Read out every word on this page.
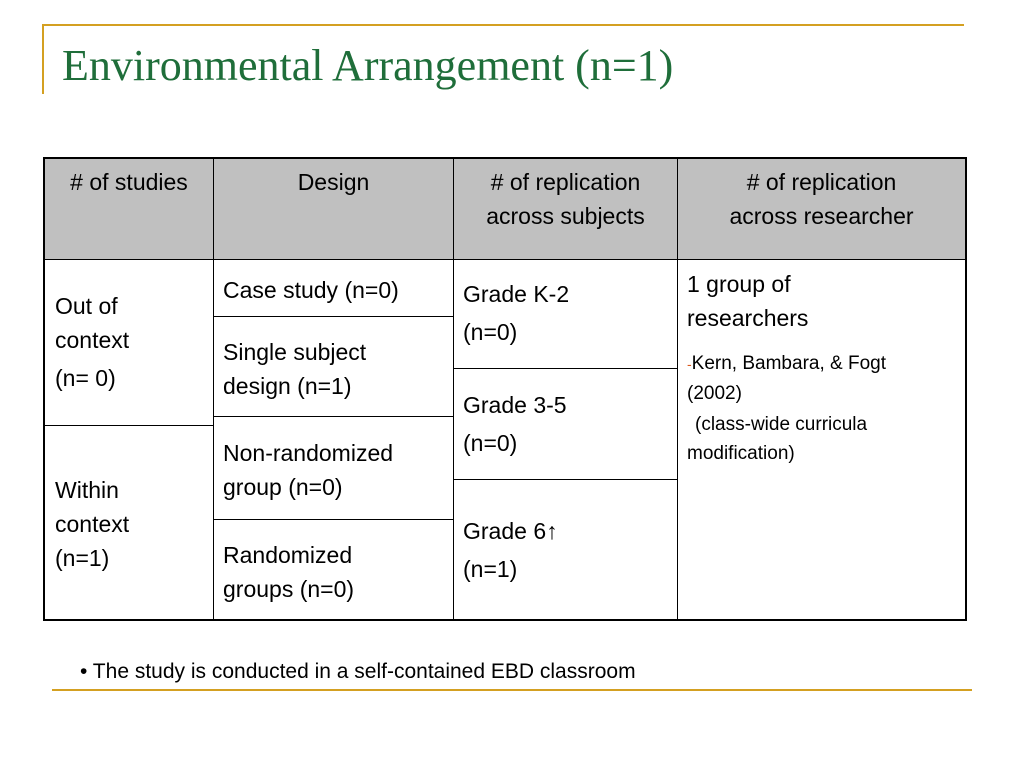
Environmental Arrangement (n=1)

# of studies	Design	# of replication

across subjects

# of replication

across researcher

Out of

context

(n= 0)

Within

context

(n=1)

Case study (n=0)

Single subject

design (n=1)

Non-randomized

group (n=0)

Randomized

groups (n=0)

Grade K-2

(n=0)

Grade 3-5

(n=0)

Grade 6↑

(n=1)

1 group of

researchers

-Kern, Bambara, & Fogt

(2002)

(class-wide curricula

modification)

• The study is conducted in a self-contained EBD classroom
